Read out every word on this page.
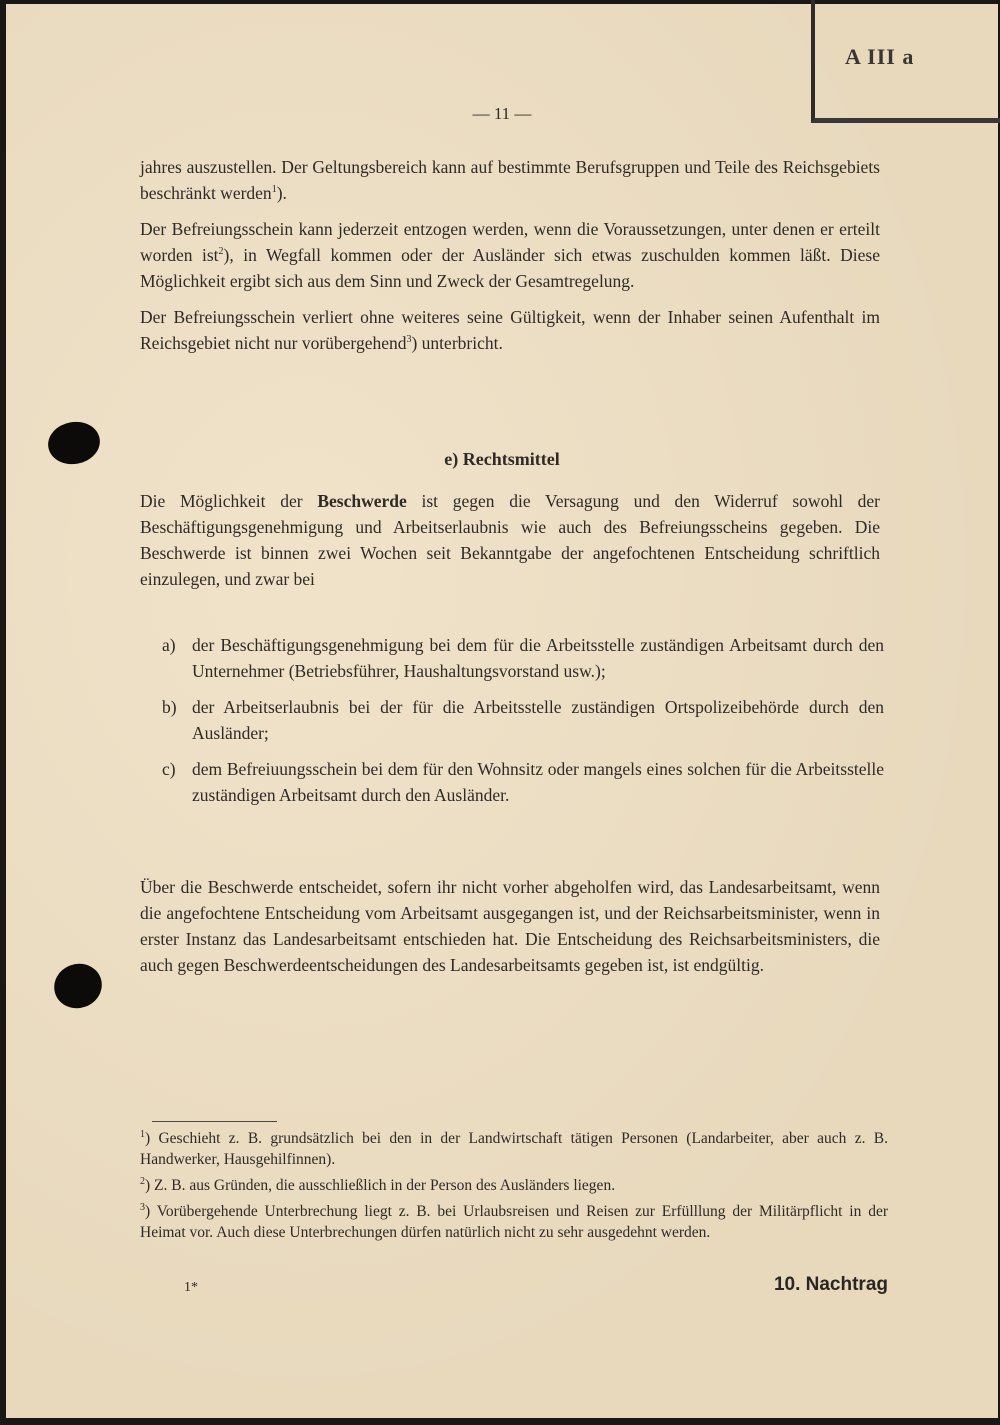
A III a
— 11 —

jahres auszustellen. Der Geltungsbereich kann auf bestimmte Berufsgruppen und Teile des Reichsgebiets beschränkt werden$^1$).

Der Befreiungsschein kann jederzeit entzogen werden, wenn die Voraussetzungen, unter denen er erteilt worden ist$^2$), in Wegfall kommen oder der Ausländer sich etwas zuschulden kommen läßt. Diese Möglichkeit ergibt sich aus dem Sinn und Zweck der Gesamtregelung.

Der Befreiungsschein verliert ohne weiteres seine Gültigkeit, wenn der Inhaber seinen Aufenthalt im Reichsgebiet nicht nur vorübergehend$^3$) unterbricht.

e) Rechtsmittel

Die Möglichkeit der Beschwerde ist gegen die Versagung und den Widerruf sowohl der Beschäftigungsgenehmigung und Arbeitserlaubnis wie auch des Befreiungsscheins gegeben. Die Beschwerde ist binnen zwei Wochen seit Bekanntgabe der angefochtenen Entscheidung schriftlich einzulegen, und zwar bei

a) der Beschäftigungsgenehmigung bei dem für die Arbeitsstelle zuständigen Arbeitsamt durch den Unternehmer (Betriebsführer, Haushaltungsvorstand usw.);
b) der Arbeitserlaubnis bei der für die Arbeitsstelle zuständigen Ortspolizeibehörde durch den Ausländer;
c) dem Befreiuungsschein bei dem für den Wohnsitz oder mangels eines solchen für die Arbeitsstelle zuständigen Arbeitsamt durch den Ausländer.

Über die Beschwerde entscheidet, sofern ihr nicht vorher abgeholfen wird, das Landesarbeitsamt, wenn die angefochtene Entscheidung vom Arbeitsamt ausgegangen ist, und der Reichsarbeitsminister, wenn in erster Instanz das Landesarbeitsamt entschieden hat. Die Entscheidung des Reichsarbeitsministers, die auch gegen Beschwerdeentscheidungen des Landesarbeitsamts gegeben ist, ist endgültig.

$^1$) Geschieht z. B. grundsätzlich bei den in der Landwirtschaft tätigen Personen (Landarbeiter, aber auch z. B. Handwerker, Hausgehilfinnen).

$^2$) Z. B. aus Gründen, die ausschließlich in der Person des Ausländers liegen.

$^3$) Vorübergehende Unterbrechung liegt z. B. bei Urlaubsreisen und Reisen zur Erfülllung der Militärpflicht in der Heimat vor. Auch diese Unterbrechungen dürfen natürlich nicht zu sehr ausgedehnt werden.

1*	10. Nachtrag
